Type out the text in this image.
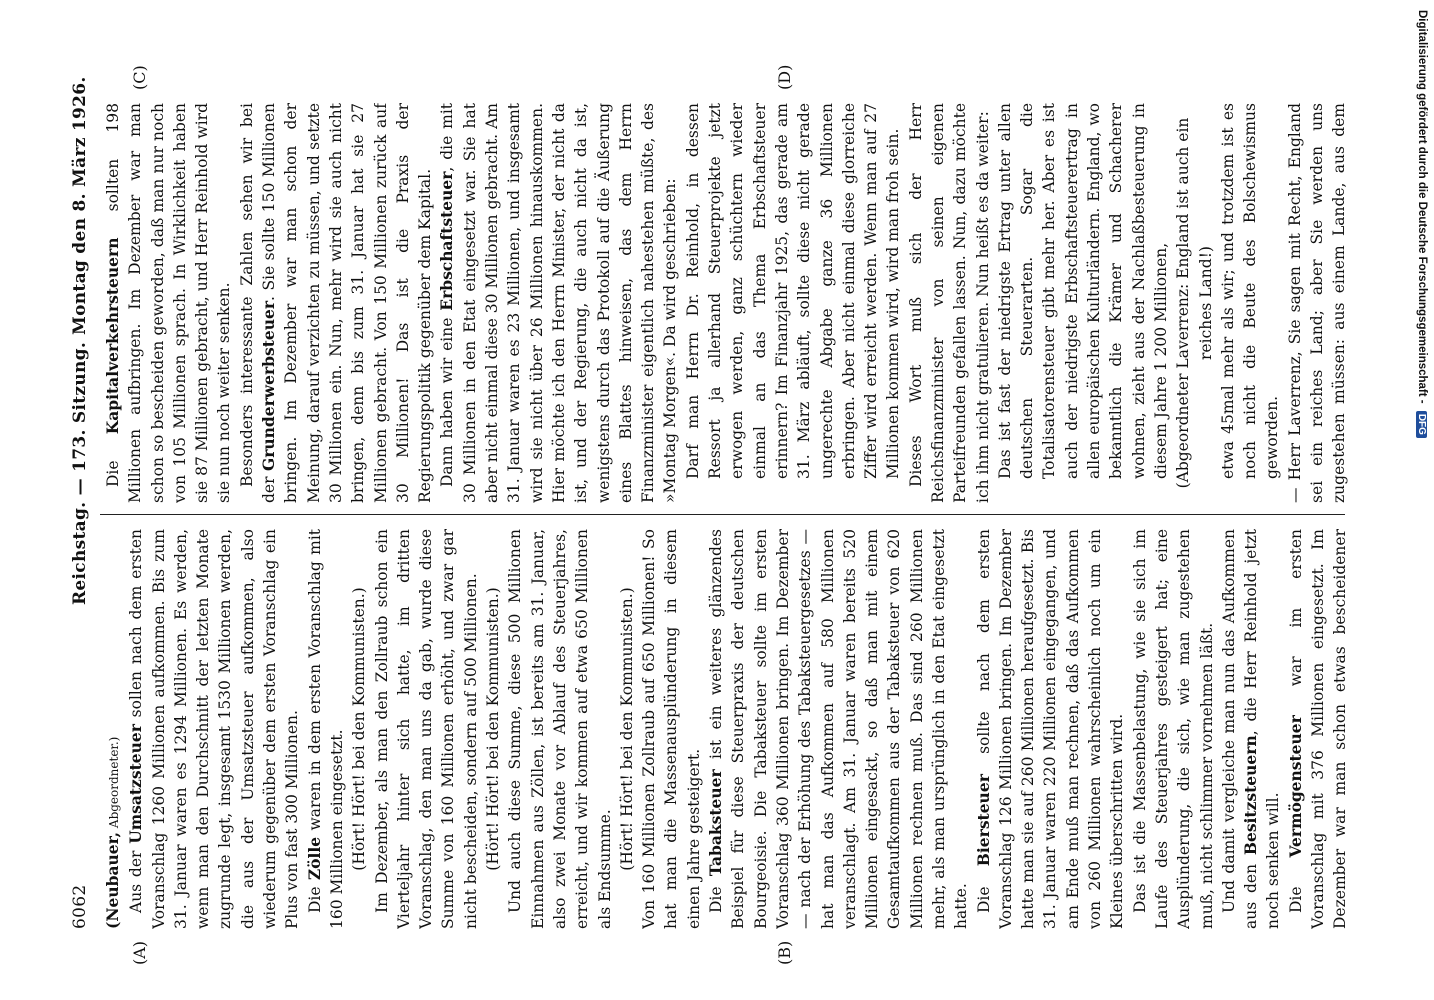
6062
Reichstag. — 173. Sitzung.
Montag den 8. März 1926.

(Neubauer, Abgeordneter.)

Aus der Umsatzsteuer sollen nach dem ersten Voranschlag 1260 Millionen aufkommen. Bis zum 31. Januar waren es 1294 Millionen. Es werden, wenn man den Durchschnitt der letzten Monate zugrunde legt, insgesamt 1530 Millionen werden, die aus der Umsatzsteuer aufkommen, also wiederum gegenüber dem ersten Voranschlag ein Plus von fast 300 Millionen. Die Zölle waren in dem ersten Voranschlag mit 160 Millionen eingesetzt. (Hört! Hört! bei den Kommunisten.) Im Dezember, als man den Zollraub schon ein Vierteljahr hinter sich hatte, im dritten Voranschlag, den man uns da gab, wurde diese Summe von 160 Millionen erhöht, und zwar gar nicht bescheiden, sondern auf 500 Millionen. (Hört! Hört! bei den Kommunisten.) Und auch diese Summe, diese 500 Millionen Einnahmen aus Zöllen, ist bereits am 31. Januar, also zwei Monate vor Ablauf des Steuerjahres, erreicht, und wir kommen auf etwa 650 Millionen als Endsumme. (Hört! Hört! bei den Kommunisten.) Von 160 Millionen Zollraub auf 650 Millionen! So hat man die Massenausplünderung in diesem einen Jahre gesteigert. Die Tabaksteuer ist ein weiteres glänzendes Beispiel für diese Steuerpraxis der deutschen Bourgeoisie. Die Tabaksteuer sollte im ersten Voranschlag 360 Millionen bringen. Im Dezember — nach der Erhöhung des Tabaksteuergesetzes — hat man das Aufkommen auf 580 Millionen veranschlagt. Am 31. Januar waren bereits 520 Millionen eingesackt, so daß man mit einem Gesamtaufkommen aus der Tabaksteuer von 620 Millionen rechnen muß. Das sind 260 Millionen mehr, als man ursprünglich in den Etat eingesetzt hatte. Die Biersteuer sollte nach dem ersten Voranschlag 126 Millionen bringen. Im Dezember hatte man sie auf 260 Millionen heraufgesetzt. Bis 31. Januar waren 220 Millionen eingegangen, und am Ende muß man rechnen, daß das Aufkommen von 260 Millionen wahrscheinlich noch um ein Kleines überschritten wird. Das ist die Massenbelastung, wie sie sich im Laufe des Steuerjahres gesteigert hat; eine Ausplünderung, die sich, wie man zugestehen muß, nicht schlimmer vornehmen läßt. Und damit vergleiche man nun das Aufkommen aus den Besitzsteuern, die Herr Reinhold jetzt noch senken will. Die Vermögensteuer war im ersten Voranschlag mit 376 Millionen eingesetzt. Im Dezember war man schon etwas bescheidener

Die Kapitalverkehrsteuern sollten 198 Millionen aufbringen. Im Dezember war man schon so bescheiden geworden, daß man nur noch von 105 Millionen sprach. In Wirklichkeit haben sie 87 Millionen gebracht, und Herr Reinhold wird sie nun noch weiter senken. Besonders interessante Zahlen sehen wir bei der Grunderwerbsteuer. Sie sollte 150 Millionen bringen. Im Dezember war man schon der Meinung, darauf verzichten zu müssen, und setzte 30 Millionen ein. Nun, mehr wird sie auch nicht bringen, denn bis zum 31. Januar hat sie 27 Millionen gebracht. Von 150 Millionen zurück auf 30 Millionen! Das ist die Praxis der Regierungspolitik gegenüber dem Kapital. Dann haben wir eine Erbschaftsteuer, die mit 30 Millionen in den Etat eingesetzt war. Sie hat aber nicht einmal diese 30 Millionen gebracht. Am 31. Januar waren es 23 Millionen, und insgesamt wird sie nicht über 26 Millionen hinauskommen. Hier möchte ich den Herrn Minister, der nicht da ist, und der Regierung, die auch nicht da ist, wenigstens durch das Protokoll auf die Äußerung eines Blattes hinweisen, das dem Herrn Finanzminister eigentlich nahestehen müßte, des »Montag Morgen«. Da wird geschrieben: Darf man Herrn Dr. Reinhold, in dessen Ressort ja allerhand Steuerprojekte jetzt erwogen werden, ganz schüchtern wieder einmal an das Thema Erbschaftsteuer erinnern? Im Finanzjahr 1925, das gerade am 31. März abläuft, sollte diese nicht gerade ungerechte Abgabe ganze 36 Millionen erbringen. Aber nicht einmal diese glorreiche Ziffer wird erreicht werden. Wenn man auf 27 Millionen kommen wird, wird man froh sein. Dieses Wort muß sich der Herr Reichsfinanzminister von seinen eigenen Parteifreunden gefallen lassen. Nun, dazu möchte ich ihm nicht gratulieren. Nun heißt es da weiter: Das ist fast der niedrigste Ertrag unter allen deutschen Steuerarten. Sogar die Totalisatorensteuer gibt mehr her. Aber es ist auch der niedrigste Erbschaftsteuerertrag in allen europäischen Kulturländern. England, wo bekanntlich die Krämer und Schacherer wohnen, zieht aus der Nachlaßbesteuerung in diesem Jahre 1 200 Millionen, (Abgeordneter Laverrenz: England ist auch ein reiches Land!) etwa 45mal mehr als wir; und trotzdem ist es noch nicht die Beute des Bolschewismus geworden.

— Herr Laverrenz, Sie sagen mit Recht, England sei ein reiches Land; aber Sie werden uns zugestehen müssen: aus einem Lande, aus dem

(A)	(B)
(C)	(D)	Digitalisierung gefördert durch die Deutsche Forschungsgemeinschaft - DFG
